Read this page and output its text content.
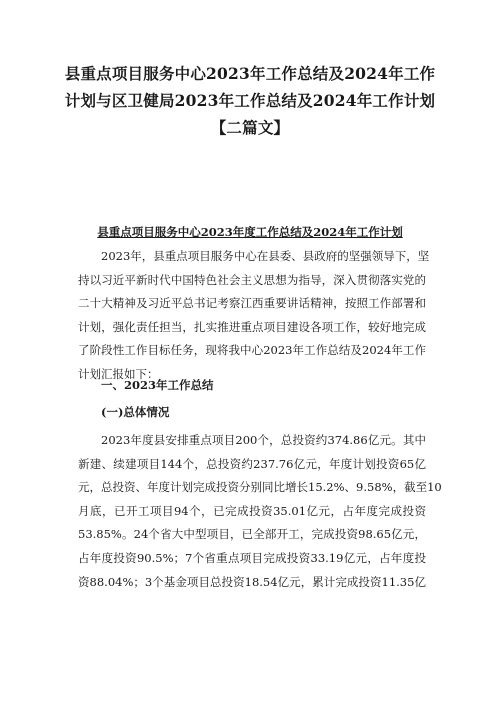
县重点项目服务中心2023年工作总结及2024年工作
计划与区卫健局2023年工作总结及2024年工作计划
【二篇文】
县重点项目服务中心2023年度工作总结及2024年工作计划
2023年，县重点项目服务中心在县委、县政府的坚强领导下，坚
持以习近平新时代中国特色社会主义思想为指导，深入贯彻落实党的
二十大精神及习近平总书记考察江西重要讲话精神，按照工作部署和
计划，强化责任担当，扎实推进重点项目建设各项工作，较好地完成
了阶段性工作目标任务，现将我中心2023年工作总结及2024年工作
计划汇报如下：
一、2023年工作总结
(一)总体情况
2023年度县安排重点项目200个，总投资约374.86亿元。其中
新建、续建项目144个，总投资约237.76亿元，年度计划投资65亿
元，总投资、年度计划完成投资分别同比增长15.2%、9.58%，截至10
月底，已开工项目94个，已完成投资35.01亿元，占年度完成投资
53.85%。24个省大中型项目，已全部开工，完成投资98.65亿元，
占年度投资90.5%；7个省重点项目完成投资33.19亿元，占年度投
资88.04%；3个基金项目总投资18.54亿元，累计完成投资11.35亿
